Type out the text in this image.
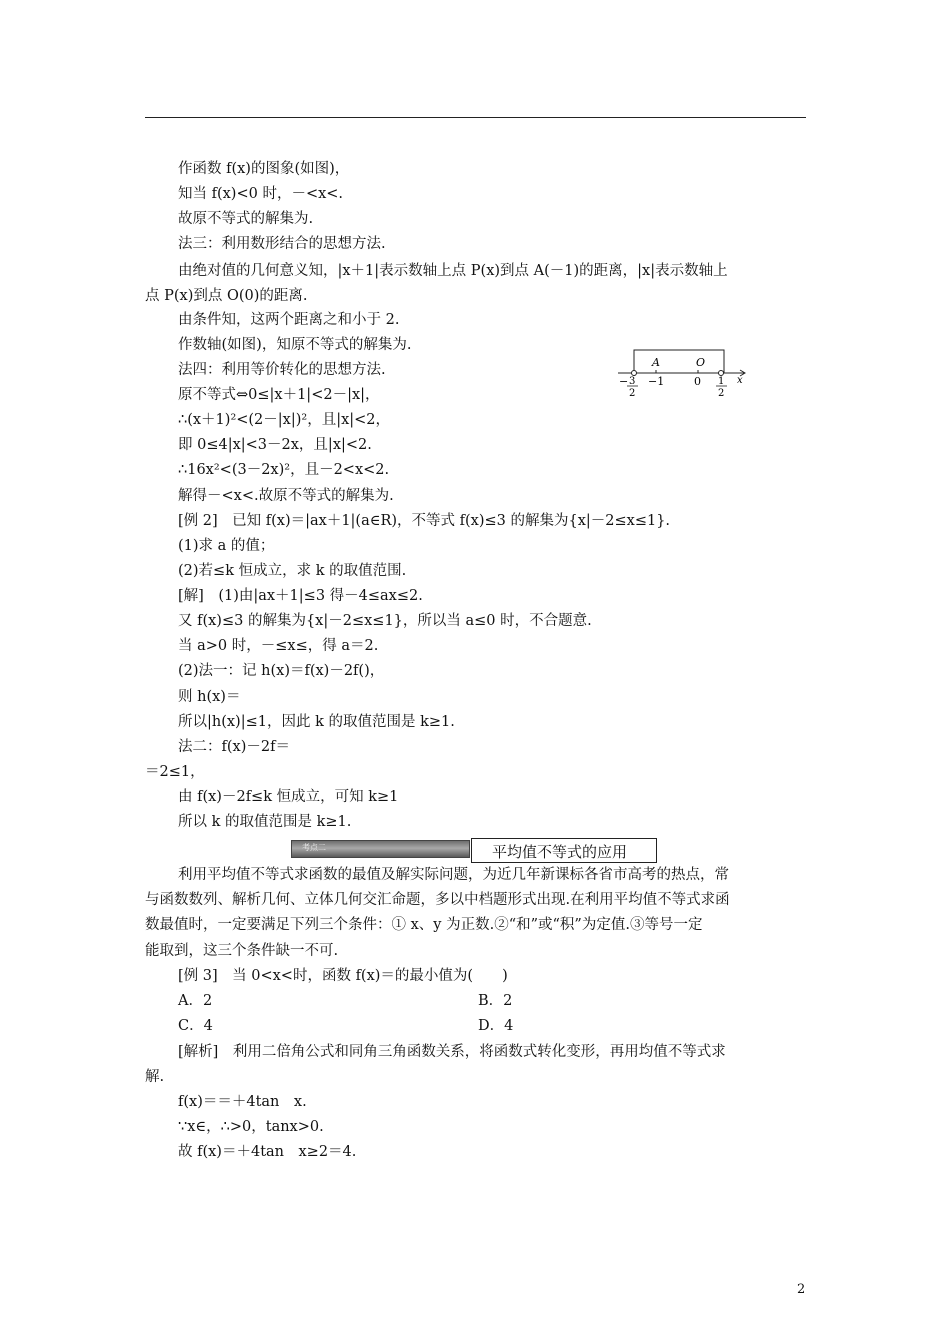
作函数 f(x)的图象(如图)，
知当 f(x)<0 时，－<x<.
故原不等式的解集为.
法三：利用数形结合的思想方法.
由绝对值的几何意义知，|x＋1|表示数轴上点 P(x)到点 A(－1)的距离，|x|表示数轴上
点 P(x)到点 O(0)的距离.
由条件知，这两个距离之和小于 2.
作数轴(如图)，知原不等式的解集为.
法四：利用等价转化的思想方法.
原不等式⇔0≤|x＋1|<2－|x|，
∴(x＋1)²<(2－|x|)²，且|x|<2，
即 0≤4|x|<3－2x，且|x|<2.
∴16x²<(3－2x)²，且－2<x<2.
解得－<x<.故原不等式的解集为.
[例 2]　已知 f(x)＝|ax＋1|(a∈R)，不等式 f(x)≤3 的解集为{x|－2≤x≤1}.
(1)求 a 的值；
(2)若≤k 恒成立，求 k 的取值范围.
[解]　(1)由|ax＋1|≤3 得－4≤ax≤2.
又 f(x)≤3 的解集为{x|－2≤x≤1}，所以当 a≤0 时，不合题意.
当 a>0 时，－≤x≤，得 a＝2.
(2)法一：记 h(x)＝f(x)－2f()，
则 h(x)＝
所以|h(x)|≤1，因此 k 的取值范围是 k≥1.
法二：f(x)－2f＝
＝2≤1，
由 f(x)－2f≤k 恒成立，可知 k≥1
所以 k 的取值范围是 k≥1.
利用平均值不等式求函数的最值及解实际问题，为近几年新课标各省市高考的热点，常
与函数数列、解析几何、立体几何交汇命题，多以中档题形式出现.在利用平均值不等式求函
数最值时，一定要满足下列三个条件：① x、y 为正数.②“和”或“积”为定值.③等号一定
能取到，这三个条件缺一不可.
[例 3]　当 0<x<时，函数 f(x)＝的最小值为(　　)
[解析]　利用二倍角公式和同角三角函数关系，将函数式转化变形，再用均值不等式求
解.
f(x)＝＝＋4tan　x.
∵x∈，∴>0，tanx>0.
故 f(x)＝＋4tan　x≥2＝4.
A．2	B．2
C．4	D．4
A	O
−1	0
− 3
2
1
2
x
考点二	平均值不等式的应用
2
